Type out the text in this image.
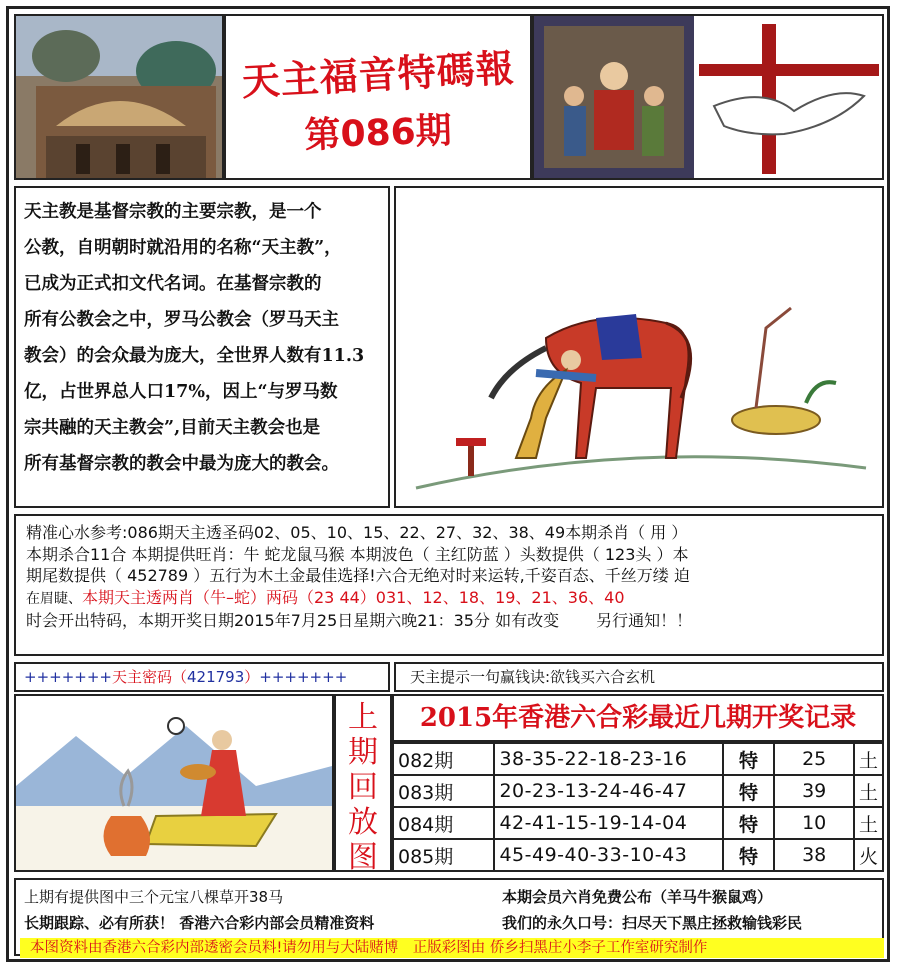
天主福音特碼報
第086期

天主教是基督宗教的主要宗教，是一个

公教，自明朝时就沿用的名称“天主教”，

已成为正式扣文代名词。在基督宗教的

所有公教会之中，罗马公教会（罗马天主

教会）的会众最为庞大，全世界人数有11.3

亿，占世界总人口17%，因上“与罗马数

宗共融的天主教会”,目前天主教会也是

所有基督宗教的教会中最为庞大的教会。

精准心水参考:086期天主透圣码02、05、10、15、22、27、32、38、49本期杀肖（ 用 ）
本期杀合11合 本期提供旺肖：牛 蛇龙鼠马猴 本期波色（ 主红防蓝 ）头数提供（ 123头 ）本
期尾数提供（ 452789 ）五行为木土金最佳选择!六合无绝对时来运转,千姿百态、千丝万缕 迫
在眉睫、本期天主透两肖（牛–蛇）两码（23 44）031、12、18、19、21、36、40
时会开出特码，本期开奖日期2015年7月25日星期六晚21：35分 如有改变 　　另行通知！！
+++++++天主密码（421793）+++++++	天主提示一句赢钱诀:欲钱买六合玄机
上期回放图
2015年香港六合彩最近几期开奖记录
082期	38-35-22-18-23-16	特	25	土
083期	20-23-13-24-46-47	特	39	土
084期	42-41-15-19-14-04	特	10	土
085期	45-49-40-33-10-43	特	38	火
上期有提供图中三个元宝八棵草开38马	本期会员六肖免费公布（羊马牛猴鼠鸡）
长期跟踪、必有所获！ 香港六合彩内部会员精准资料	我们的永久口号：扫尽天下黑庄拯救输钱彩民
本图资料由香港六合彩内部透密会员料!请勿用与大陆赌博　正版彩图由 侨乡扫黑庄小李子工作室研究制作
